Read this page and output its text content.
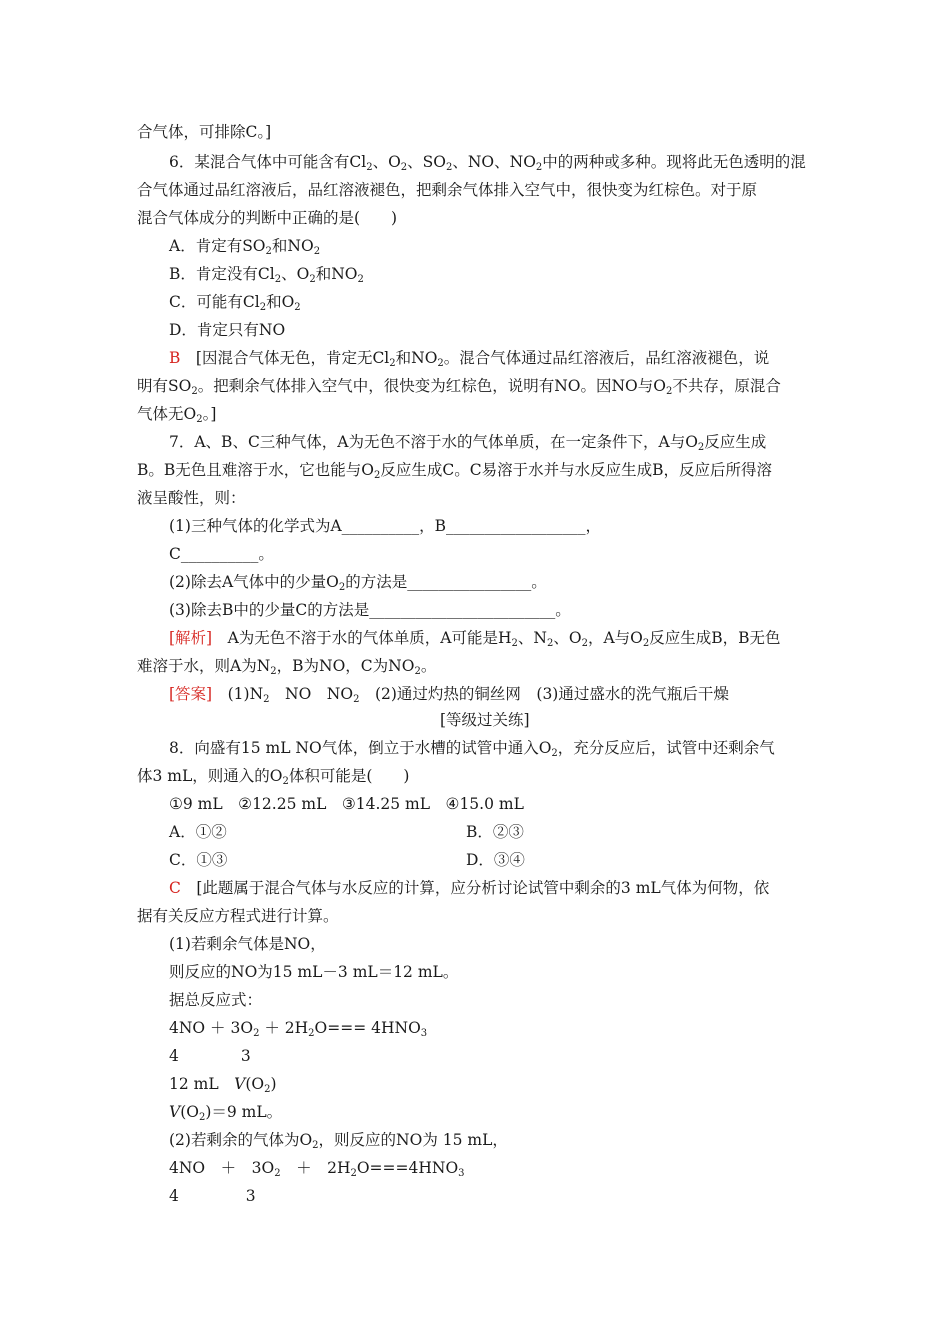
合气体，可排除C。]
6．某混合气体中可能含有$Cl_2$、$O_2$、$SO_2$、NO、$NO_2$中的两种或多种。现将此无色透明的混
合气体通过品红溶液后，品红溶液褪色，把剩余气体排入空气中，很快变为红棕色。对于原
混合气体成分的判断中正确的是(　　)
A．肯定有$SO_2$和$NO_2$
B．肯定没有$Cl_2$、$O_2$和$NO_2$
C．可能有$Cl_2$和$O_2$
D．肯定只有NO
B　[因混合气体无色，肯定无$Cl_2$和$NO_2$。混合气体通过品红溶液后，品红溶液褪色，说
明有$SO_2$。把剩余气体排入空气中，很快变为红棕色，说明有NO。因NO与$O_2$不共存，原混合
气体无$O_2$。]
7．A、B、C三种气体，A为无色不溶于水的气体单质，在一定条件下，A与$O_2$反应生成
B。B无色且难溶于水，它也能与$O_2$反应生成C。C易溶于水并与水反应生成B，反应后所得溶
液呈酸性，则：
(1)三种气体的化学式为A__________，B__________________，
C__________。
(2)除去A气体中的少量$O_2$的方法是________________。
(3)除去B中的少量C的方法是________________________。
[解析]　A为无色不溶于水的气体单质，A可能是$H_2$、$N_2$、$O_2$，A与$O_2$反应生成B，B无色
难溶于水，则A为$N_2$，B为NO，C为$NO_2$。
[答案]　$(1)N_2$　NO　$NO_2$　(2)通过灼热的铜丝网　(3)通过盛水的洗气瓶后干燥
[等级过关练]
8．向盛有15 mL NO气体，倒立于水槽的试管中通入$O_2$，充分反应后，试管中还剩余气
体3 mL，则通入的$O_2$体积可能是(　　)
①9 mL　②12.25 mL　③14.25 mL　④15.0 mL
A．①②	B．②③
C．①③	D．③④
C　[此题属于混合气体与水反应的计算，应分析讨论试管中剩余的3 mL气体为何物，依
据有关反应方程式进行计算。
(1)若剩余气体是NO，
则反应的NO为15 mL－3 mL＝12 mL。
据总反应式：
$4NO + 3O_2 + 2H_2O=== 4HNO_3$
4　　　　3
12 mL　$V(O_2)$
$V(O_2)=9$ mL。
(2)若剩余的气体为$O_2$，则反应的NO为 15 mL，
4NO　＋　$3O_2$　＋　$2H_2O===4HNO_3$
4　　　　 3
